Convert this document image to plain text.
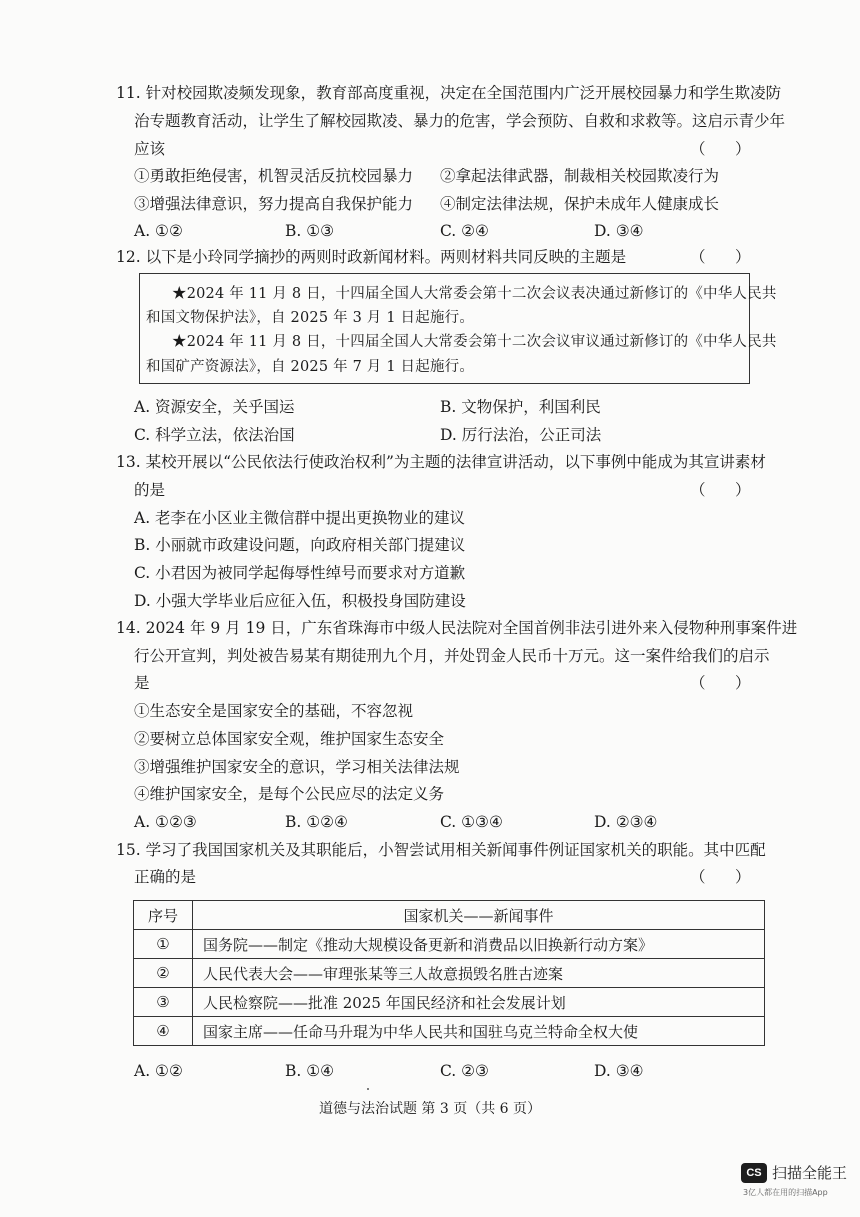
11. 针对校园欺凌频发现象，教育部高度重视，决定在全国范围内广泛开展校园暴力和学生欺凌防
治专题教育活动，让学生了解校园欺凌、暴力的危害，学会预防、自救和求救等。这启示青少年
应该	（      ）
①勇敢拒绝侵害，机智灵活反抗校园暴力 ②拿起法律武器，制裁相关校园欺凌行为
③增强法律意识，努力提高自我保护能力 ④制定法律法规，保护未成年人健康成长
A. ①②	B. ①③	C. ②④	D. ③④
12. 以下是小玲同学摘抄的两则时政新闻材料。两则材料共同反映的主题是	（      ）
★2024 年 11 月 8 日，十四届全国人大常委会第十二次会议表决通过新修订的《中华人民共
和国文物保护法》，自 2025 年 3 月 1 日起施行。
★2024 年 11 月 8 日，十四届全国人大常委会第十二次会议审议通过新修订的《中华人民共
和国矿产资源法》，自 2025 年 7 月 1 日起施行。
A. 资源安全，关乎国运	B. 文物保护，利国利民
C. 科学立法，依法治国	D. 厉行法治，公正司法
13. 某校开展以“公民依法行使政治权利”为主题的法律宣讲活动，以下事例中能成为其宣讲素材
的是	（      ）
A. 老李在小区业主微信群中提出更换物业的建议
B. 小丽就市政建设问题，向政府相关部门提建议
C. 小君因为被同学起侮辱性绰号而要求对方道歉
D. 小强大学毕业后应征入伍，积极投身国防建设
14. 2024 年 9 月 19 日，广东省珠海市中级人民法院对全国首例非法引进外来入侵物种刑事案件进
行公开宣判，判处被告易某有期徒刑九个月，并处罚金人民币十万元。这一案件给我们的启示
是	（      ）
①生态安全是国家安全的基础，不容忽视
②要树立总体国家安全观，维护国家生态安全
③增强维护国家安全的意识，学习相关法律法规
④维护国家安全，是每个公民应尽的法定义务
A. ①②③	B. ①②④	C. ①③④	D. ②③④
15. 学习了我国国家机关及其职能后，小智尝试用相关新闻事件例证国家机关的职能。其中匹配
正确的是	（      ）
序号	国家机关——新闻事件
①	国务院——制定《推动大规模设备更新和消费品以旧换新行动方案》
②	人民代表大会——审理张某等三人故意损毁名胜古迹案
③	人民检察院——批准 2025 年国民经济和社会发展计划
④	国家主席——任命马升琨为中华人民共和国驻乌克兰特命全权大使
A. ①②	B. ①④	C. ②③	D. ③④
道德与法治试题 第 3 页（共 6 页）
CS 扫描全能王
3亿人都在用的扫描App
